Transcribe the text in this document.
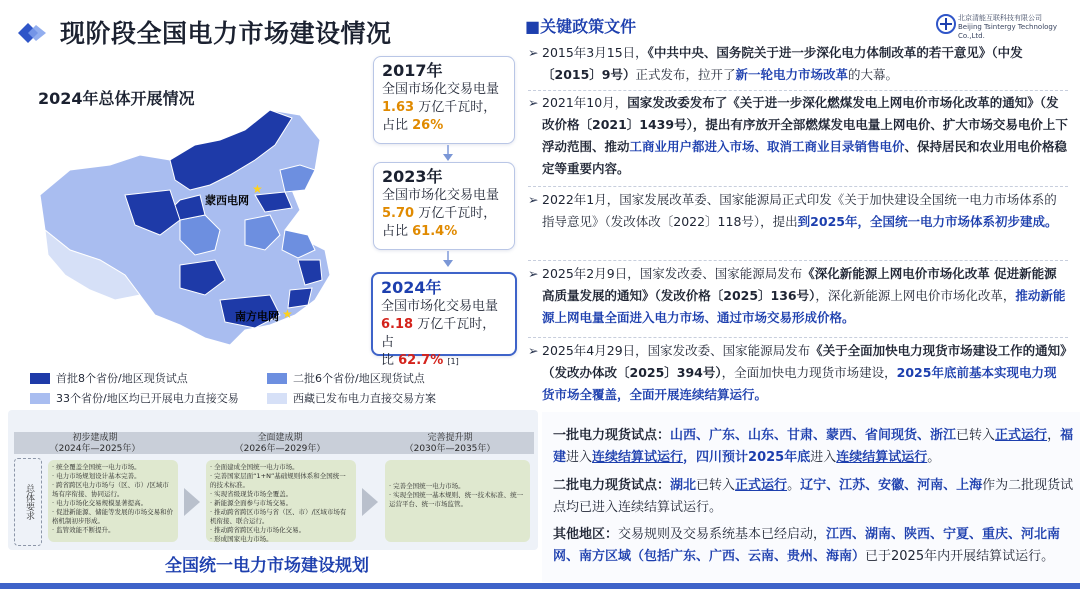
现阶段全国电力市场建设情况
2024年总体开展情况
★
★
蒙西电网
南方电网
首批8个省份/地区现货试点	二批6个省份/地区现货试点
33个省份/地区均已开展电力直接交易	西藏已发布电力直接交易方案
2017年
全国市场化交易电量
1.63 万亿千瓦时，
占比 26%
2023年
全国市场化交易电量
5.70 万亿千瓦时，
占比 61.4%
2024年
全国市场化交易电量
6.18 万亿千瓦时，占
比 62.7% [1]
■关键政策文件	北京清能互联科技有限公司
Beijing Tsintergy Technology Co.,Ltd.
➢ 2015年3月15日，《中共中央、国务院关于进一步深化电力体制改革的若干意见》（中发〔2015〕9号）正式发布，拉开了新一轮电力市场改革的大幕。
➢ 2021年10月，国家发改委发布了《关于进一步深化燃煤发电上网电价市场化改革的通知》（发改价格〔2021〕1439号），提出有序放开全部燃煤发电电量上网电价、扩大市场交易电价上下浮动范围、推动工商业用户都进入市场、取消工商业目录销售电价、保持居民和农业用电价格稳定等重要内容。
➢ 2022年1月，国家发展改革委、国家能源局正式印发《关于加快建设全国统一电力市场体系的指导意见》（发改体改〔2022〕118号），提出到2025年，全国统一电力市场体系初步建成。
➢ 2025年2月9日，国家发改委、国家能源局发布《深化新能源上网电价市场化改革 促进新能源高质量发展的通知》（发改价格〔2025〕136号），深化新能源上网电价市场化改革，推动新能源上网电量全面进入电力市场、通过市场交易形成价格。
➢ 2025年4月29日，国家发改委、国家能源局发布《关于全面加快电力现货市场建设工作的通知》（发改办体改〔2025〕394号），全面加快电力现货市场建设，2025年底前基本实现电力现货市场全覆盖，全面开展连续结算运行。
初步建成期
（2024年—2025年）
全面建成期
（2026年—2029年）
完善提升期
（2030年—2035年）
总体要求
· 统全覆盖全国统一电力市场。
· 电力市场规划设计基本完善。
· 跨省跨区电力市场与（区、市）/区域市场有序衔接、协同运行。
· 电力市场化交易规模显著提高。
· 促进新能源、储能等发展的市场交易和价格机制初步形成。
· 监管效能不断提升。
· 全面建成全国统一电力市场。
· 完善国家层面“1+N”基础规则体系和全国统一的技术标准。
· 实现省级现货市场全覆盖。
· 新能源全面参与市场交易。
· 推动跨省跨区市场与省（区、市）/区域市场有机衔接、联合运行。
· 推动跨省跨区电力市场化交易。
· 形成国家电力市场。
· 完善全国统一电力市场。
· 实现全国统一基本规则、统一技术标准、统一运营平台、统一市场监管。
全国统一电力市场建设规划
一批电力现货试点：山西、广东、山东、甘肃、蒙西、省间现货、浙江已转入正式运行，福建进入连续结算试运行，四川预计2025年底进入连续结算试运行。
二批电力现货试点：湖北已转入正式运行。辽宁、江苏、安徽、河南、上海作为二批现货试点均已进入连续结算试运行。
其他地区：交易规则及交易系统基本已经启动，江西、湖南、陕西、宁夏、重庆、河北南网、南方区域（包括广东、广西、云南、贵州、海南）已于2025年内开展结算试运行。
